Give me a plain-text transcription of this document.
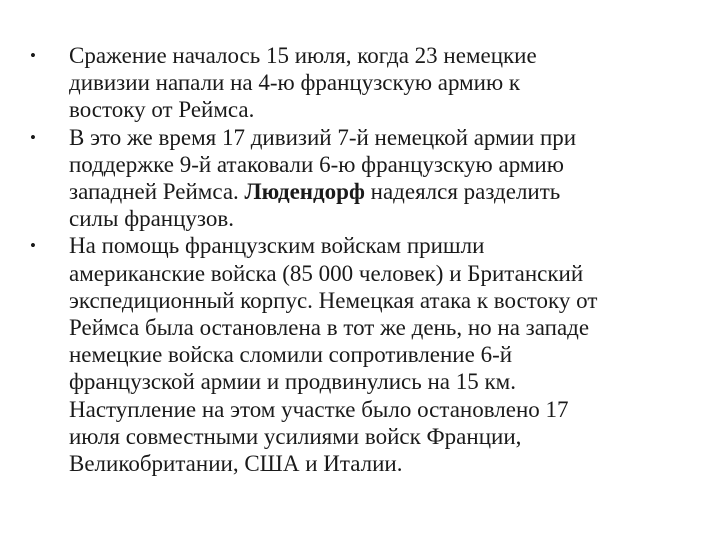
•	Сражение началось 15 июля, когда 23 немецкие
дивизии напали на 4-ю французскую армию к
востоку от Реймса.
•	В это же время 17 дивизий 7-й немецкой армии при
поддержке 9-й атаковали 6-ю французскую армию
западней Реймса. Людендорф надеялся разделить
силы французов.
•	На помощь французским войскам пришли
американские войска (85 000 человек) и Британский
экспедиционный корпус. Немецкая атака к востоку от
Реймса была остановлена в тот же день, но на западе
немецкие войска сломили сопротивление 6-й
французской армии и продвинулись на 15 км.
Наступление на этом участке было остановлено 17
июля совместными усилиями войск Франции,
Великобритании, США и Италии.
